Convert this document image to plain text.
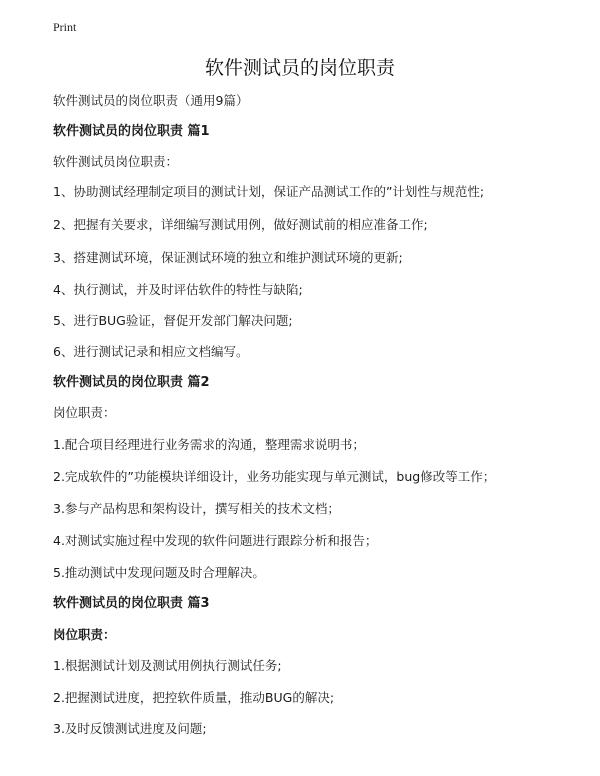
Print
软件测试员的岗位职责
软件测试员的岗位职责（通用9篇）
软件测试员的岗位职责 篇1
软件测试员岗位职责：
1、协助测试经理制定项目的测试计划，保证产品测试工作的”计划性与规范性;
2、把握有关要求，详细编写测试用例，做好测试前的相应准备工作;
3、搭建测试环境，保证测试环境的独立和维护测试环境的更新;
4、执行测试，并及时评估软件的特性与缺陷;
5、进行BUG验证，督促开发部门解决问题;
6、进行测试记录和相应文档编写。
软件测试员的岗位职责 篇2
岗位职责：
1.配合项目经理进行业务需求的沟通，整理需求说明书；
2.完成软件的”功能模块详细设计，业务功能实现与单元测试，bug修改等工作；
3.参与产品构思和架构设计，撰写相关的技术文档；
4.对测试实施过程中发现的软件问题进行跟踪分析和报告；
5.推动测试中发现问题及时合理解决。
软件测试员的岗位职责 篇3
岗位职责：
1.根据测试计划及测试用例执行测试任务;
2.把握测试进度，把控软件质量，推动BUG的解决;
3.及时反馈测试进度及问题;
